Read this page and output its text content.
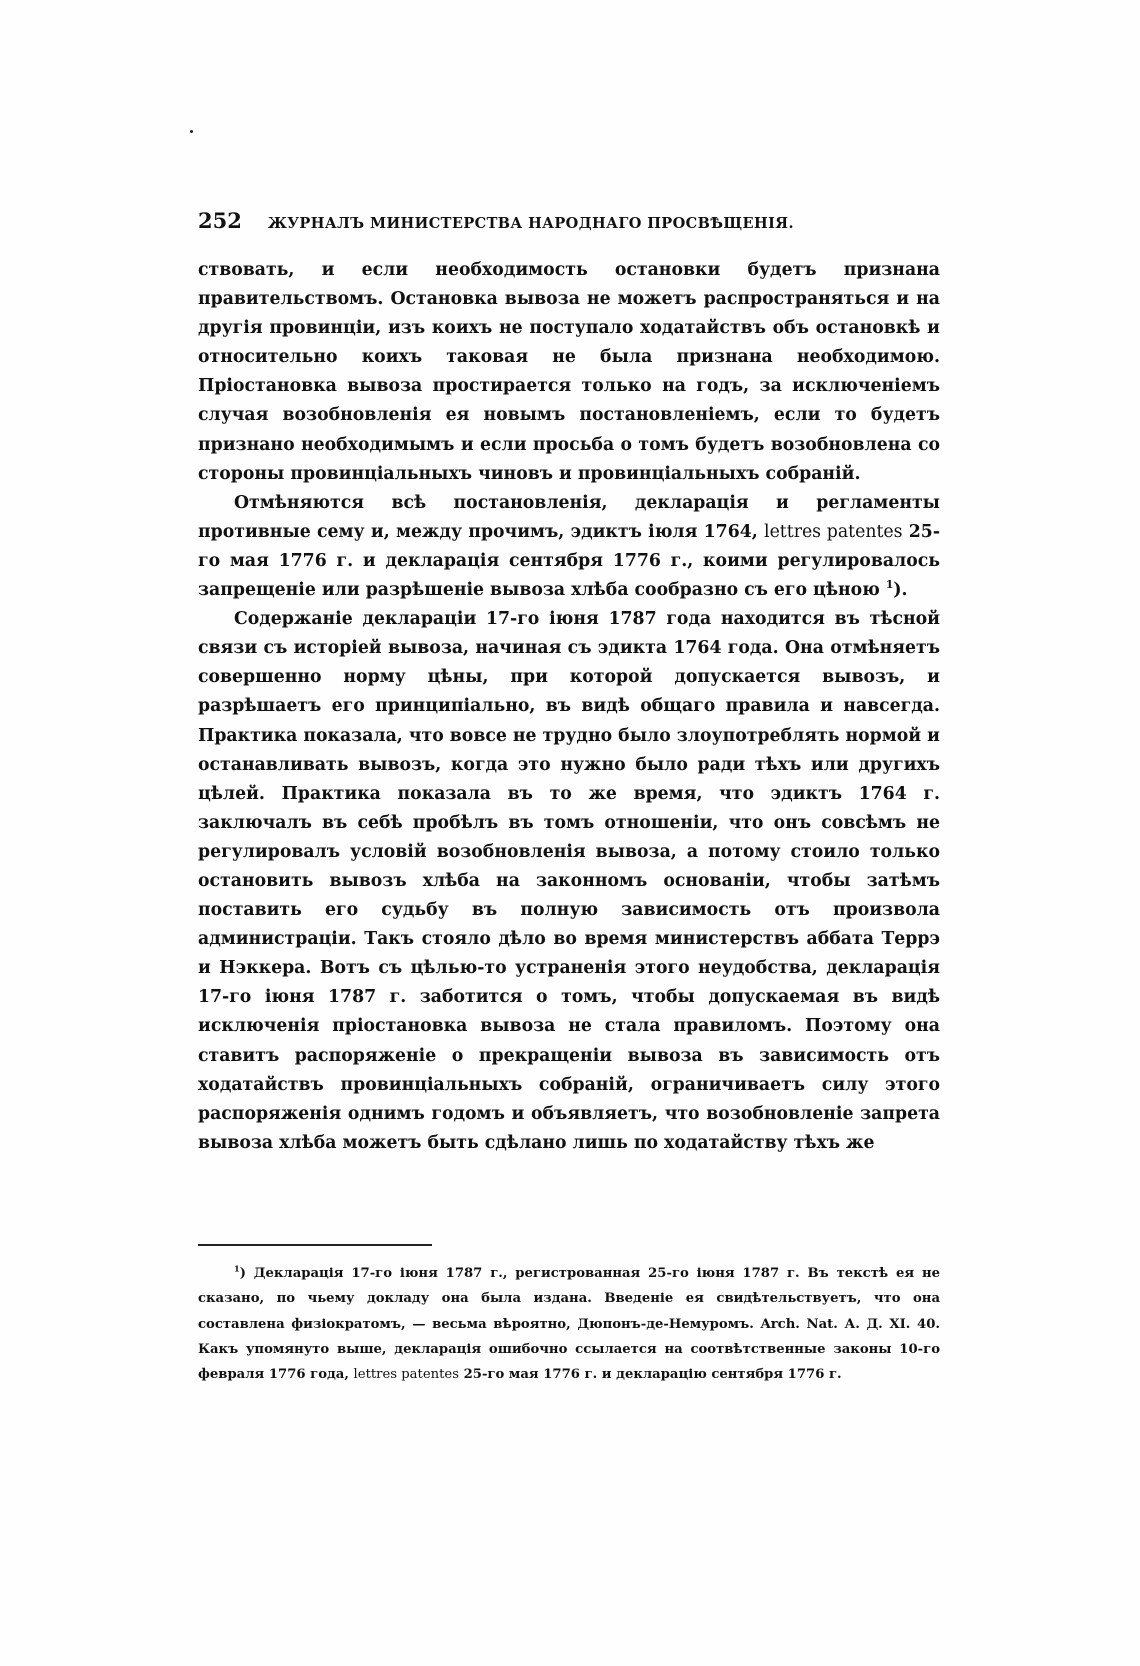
252 ЖУРНАЛЪ МИНИСТЕРСТВА НАРОДНАГО ПРОСВѢЩЕНІЯ.

ствовать, и если необходимость остановки будетъ признана правительствомъ. Остановка вывоза не можетъ распространяться и на другія провинціи, изъ коихъ не поступало ходатайствъ объ остановкѣ и относительно коихъ таковая не была признана необходимою. Пріостановка вывоза простирается только на годъ, за исключеніемъ случая возобновленія ея новымъ постановленіемъ, если то будетъ признано необходимымъ и если просьба о томъ будетъ возобновлена со стороны провинціальныхъ чиновъ и провинціальныхъ собраній.

Отмѣняются всѣ постановленія, декларація и регламенты противные сему и, между прочимъ, эдиктъ іюля 1764, lettres patentes 25-го мая 1776 г. и декларація сентября 1776 г., коими регулировалось запрещеніе или разрѣшеніе вывоза хлѣба сообразно съ его цѣною $^1$).

Содержаніе деклараціи 17-го іюня 1787 года находится въ тѣсной связи съ исторіей вывоза, начиная съ эдикта 1764 года. Она отмѣняетъ совершенно норму цѣны, при которой допускается вывозъ, и разрѣшаетъ его принципіально, въ видѣ общаго правила и навсегда. Практика показала, что вовсе не трудно было злоупотреблять нормой и останавливать вывозъ, когда это нужно было ради тѣхъ или другихъ цѣлей. Практика показала въ то же время, что эдиктъ 1764 г. заключалъ въ себѣ пробѣлъ въ томъ отношеніи, что онъ совсѣмъ не регулировалъ условій возобновленія вывоза, а потому стоило только остановить вывозъ хлѣба на законномъ основаніи, чтобы затѣмъ поставить его судьбу въ полную зависимость отъ произвола администраціи. Такъ стояло дѣло во время министерствъ аббата Террэ и Нэккера. Вотъ съ цѣлью-то устраненія этого неудобства, декларація 17-го іюня 1787 г. заботится о томъ, чтобы допускаемая въ видѣ исключенія пріостановка вывоза не стала правиломъ. Поэтому она ставитъ распоряженіе о прекращеніи вывоза въ зависимость отъ ходатайствъ провинціальныхъ собраній, ограничиваетъ силу этого распоряженія однимъ годомъ и объявляетъ, что возобновленіе запрета вывоза хлѣба можетъ быть сдѣлано лишь по ходатайству тѣхъ же

$^1$) Декларація 17-го іюня 1787 г., регистрованная 25-го іюня 1787 г. Въ текстѣ ея не сказано, по чьему докладу она была издана. Введеніе ея свидѣтельствуетъ, что она составлена физіократомъ, — весьма вѣроятно, Дюпонъ-де-Немуромъ. Arch. Nat. А. Д. XI. 40. Какъ упомянуто выше, декларація ошибочно ссылается на соотвѣтственные законы 10-го февраля 1776 года, lettres patentes 25-го мая 1776 г. и декларацію сентября 1776 г.
